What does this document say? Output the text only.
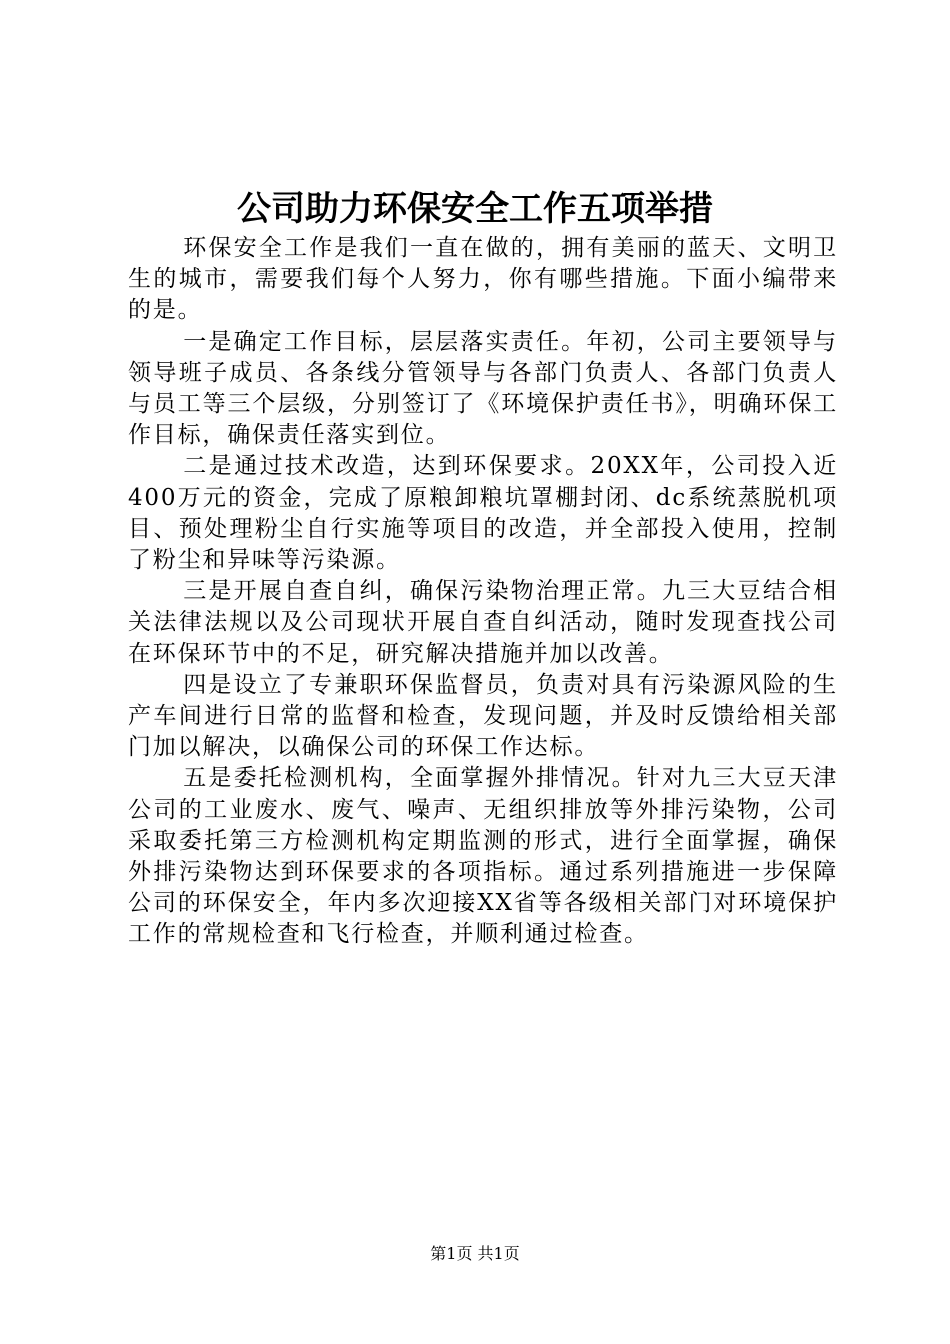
公司助力环保安全工作五项举措

环保安全工作是我们一直在做的，拥有美丽的蓝天、文明卫生的城市，需要我们每个人努力，你有哪些措施。下面小编带来的是。

一是确定工作目标，层层落实责任。年初，公司主要领导与领导班子成员、各条线分管领导与各部门负责人、各部门负责人与员工等三个层级，分别签订了《环境保护责任书》，明确环保工作目标，确保责任落实到位。

二是通过技术改造，达到环保要求。20XX年，公司投入近400万元的资金，完成了原粮卸粮坑罩棚封闭、dc系统蒸脱机项目、预处理粉尘自行实施等项目的改造，并全部投入使用，控制了粉尘和异味等污染源。

三是开展自查自纠，确保污染物治理正常。九三大豆结合相关法律法规以及公司现状开展自查自纠活动，随时发现查找公司在环保环节中的不足，研究解决措施并加以改善。

四是设立了专兼职环保监督员，负责对具有污染源风险的生产车间进行日常的监督和检查，发现问题，并及时反馈给相关部门加以解决，以确保公司的环保工作达标。

五是委托检测机构，全面掌握外排情况。针对九三大豆天津公司的工业废水、废气、噪声、无组织排放等外排污染物，公司采取委托第三方检测机构定期监测的形式，进行全面掌握，确保外排污染物达到环保要求的各项指标。通过系列措施进一步保障公司的环保安全，年内多次迎接XX省等各级相关部门对环境保护工作的常规检查和飞行检查，并顺利通过检查。

第1页 共1页
